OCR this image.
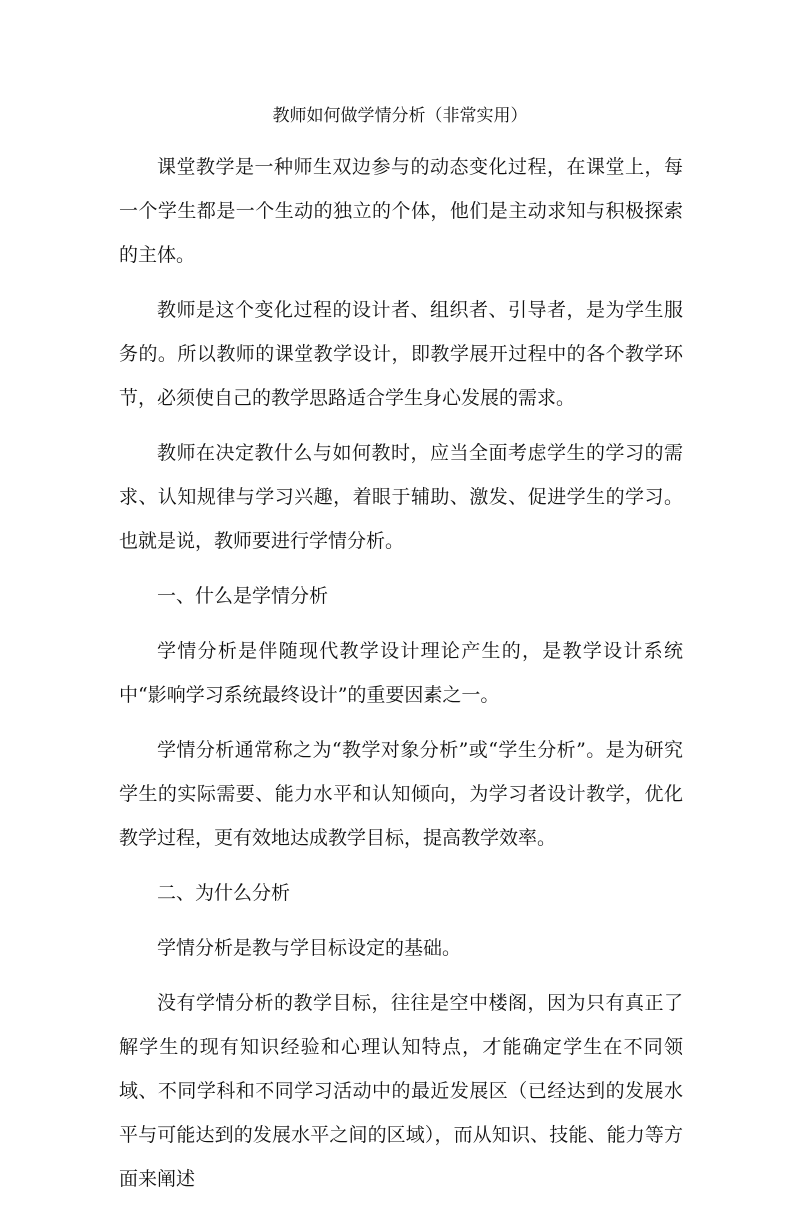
教师如何做学情分析（非常实用）

课堂教学是一种师生双边参与的动态变化过程，在课堂上，每一个学生都是一个生动的独立的个体，他们是主动求知与积极探索的主体。

教师是这个变化过程的设计者、组织者、引导者，是为学生服务的。所以教师的课堂教学设计，即教学展开过程中的各个教学环节，必须使自己的教学思路适合学生身心发展的需求。

教师在决定教什么与如何教时，应当全面考虑学生的学习的需求、认知规律与学习兴趣，着眼于辅助、激发、促进学生的学习。也就是说，教师要进行学情分析。

一、什么是学情分析

学情分析是伴随现代教学设计理论产生的，是教学设计系统中“影响学习系统最终设计”的重要因素之一。

学情分析通常称之为“教学对象分析”或“学生分析”。是为研究学生的实际需要、能力水平和认知倾向，为学习者设计教学，优化教学过程，更有效地达成教学目标，提高教学效率。

二、为什么分析

学情分析是教与学目标设定的基础。

没有学情分析的教学目标，往往是空中楼阁，因为只有真正了解学生的现有知识经验和心理认知特点，才能确定学生在不同领域、不同学科和不同学习活动中的最近发展区（已经达到的发展水平与可能达到的发展水平之间的区域），而从知识、技能、能力等方面来阐述
